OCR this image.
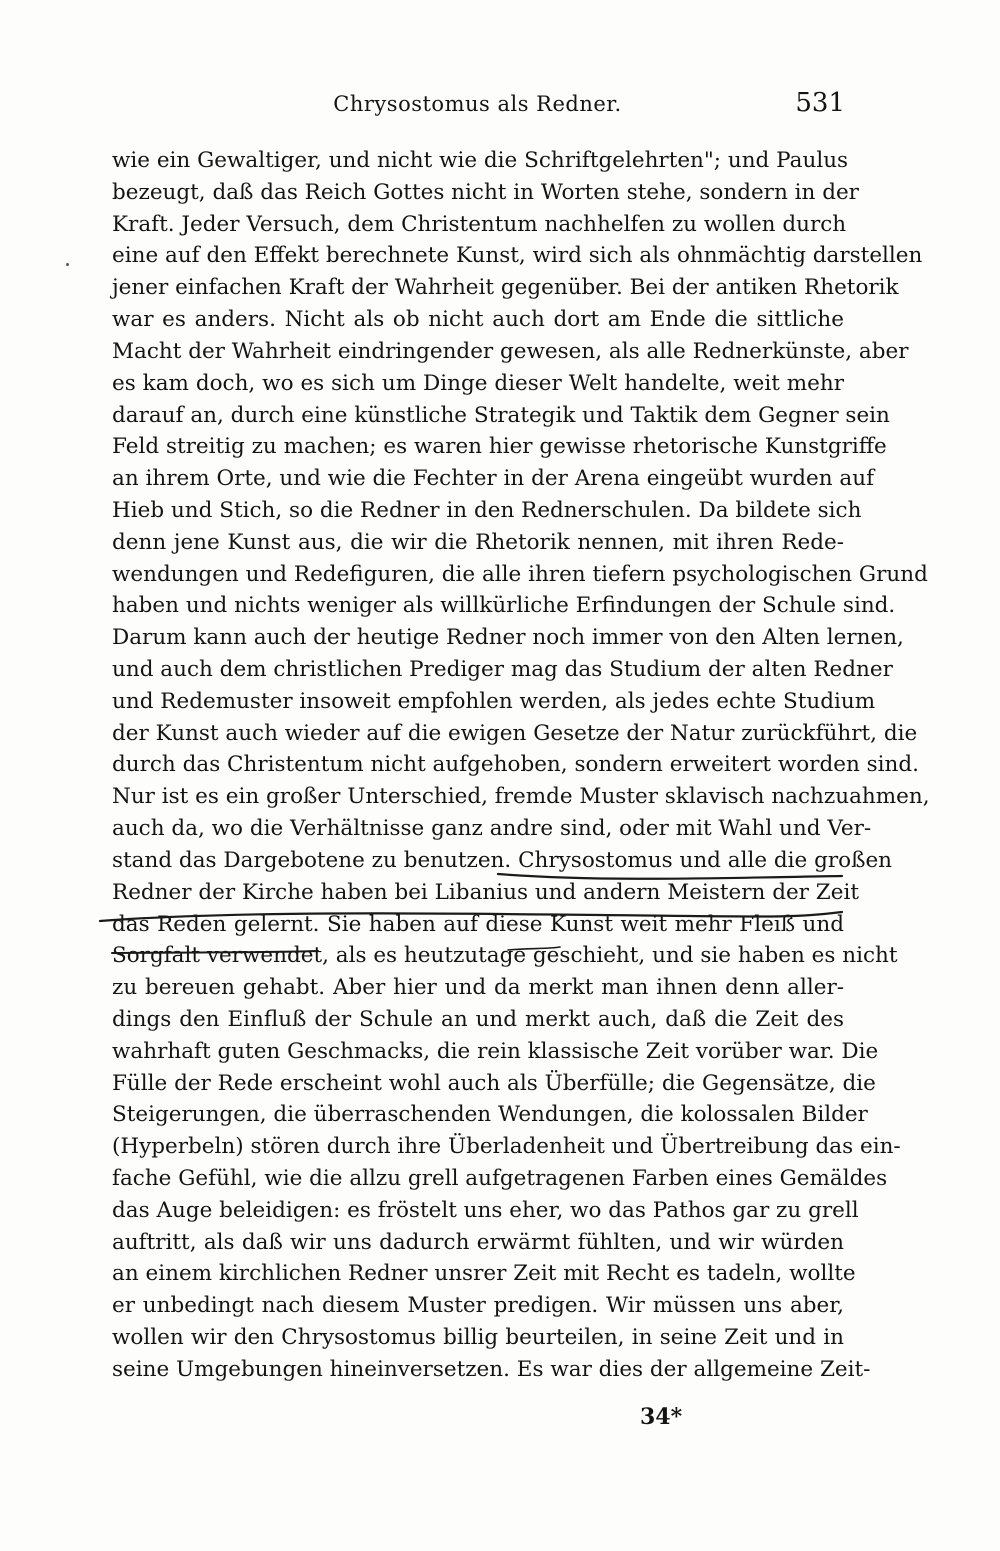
Chrysostomus als Redner.	531
wie ein Gewaltiger, und nicht wie die Schriftgelehrten"; und Paulus
bezeugt, daß das Reich Gottes nicht in Worten stehe, sondern in der
Kraft. Jeder Versuch, dem Christentum nachhelfen zu wollen durch
eine auf den Effekt berechnete Kunst, wird sich als ohnmächtig darstellen
jener einfachen Kraft der Wahrheit gegenüber. Bei der antiken Rhetorik
war es anders. Nicht als ob nicht auch dort am Ende die sittliche
Macht der Wahrheit eindringender gewesen, als alle Rednerkünste, aber
es kam doch, wo es sich um Dinge dieser Welt handelte, weit mehr
darauf an, durch eine künstliche Strategik und Taktik dem Gegner sein
Feld streitig zu machen; es waren hier gewisse rhetorische Kunstgriffe
an ihrem Orte, und wie die Fechter in der Arena eingeübt wurden auf
Hieb und Stich, so die Redner in den Rednerschulen. Da bildete sich
denn jene Kunst aus, die wir die Rhetorik nennen, mit ihren Rede-
wendungen und Redefiguren, die alle ihren tiefern psychologischen Grund
haben und nichts weniger als willkürliche Erfindungen der Schule sind.
Darum kann auch der heutige Redner noch immer von den Alten lernen,
und auch dem christlichen Prediger mag das Studium der alten Redner
und Redemuster insoweit empfohlen werden, als jedes echte Studium
der Kunst auch wieder auf die ewigen Gesetze der Natur zurückführt, die
durch das Christentum nicht aufgehoben, sondern erweitert worden sind.
Nur ist es ein großer Unterschied, fremde Muster sklavisch nachzuahmen,
auch da, wo die Verhältnisse ganz andre sind, oder mit Wahl und Ver-
stand das Dargebotene zu benutzen. Chrysostomus und alle die großen
Redner der Kirche haben bei Libanius und andern Meistern der Zeit
das Reden gelernt. Sie haben auf diese Kunst weit mehr Fleiß und
Sorgfalt verwendet, als es heutzutage geschieht, und sie haben es nicht
zu bereuen gehabt. Aber hier und da merkt man ihnen denn aller-
dings den Einfluß der Schule an und merkt auch, daß die Zeit des
wahrhaft guten Geschmacks, die rein klassische Zeit vorüber war. Die
Fülle der Rede erscheint wohl auch als Überfülle; die Gegensätze, die
Steigerungen, die überraschenden Wendungen, die kolossalen Bilder
(Hyperbeln) stören durch ihre Überladenheit und Übertreibung das ein-
fache Gefühl, wie die allzu grell aufgetragenen Farben eines Gemäldes
das Auge beleidigen: es fröstelt uns eher, wo das Pathos gar zu grell
auftritt, als daß wir uns dadurch erwärmt fühlten, und wir würden
an einem kirchlichen Redner unsrer Zeit mit Recht es tadeln, wollte
er unbedingt nach diesem Muster predigen. Wir müssen uns aber,
wollen wir den Chrysostomus billig beurteilen, in seine Zeit und in
seine Umgebungen hineinversetzen. Es war dies der allgemeine Zeit-
34*
